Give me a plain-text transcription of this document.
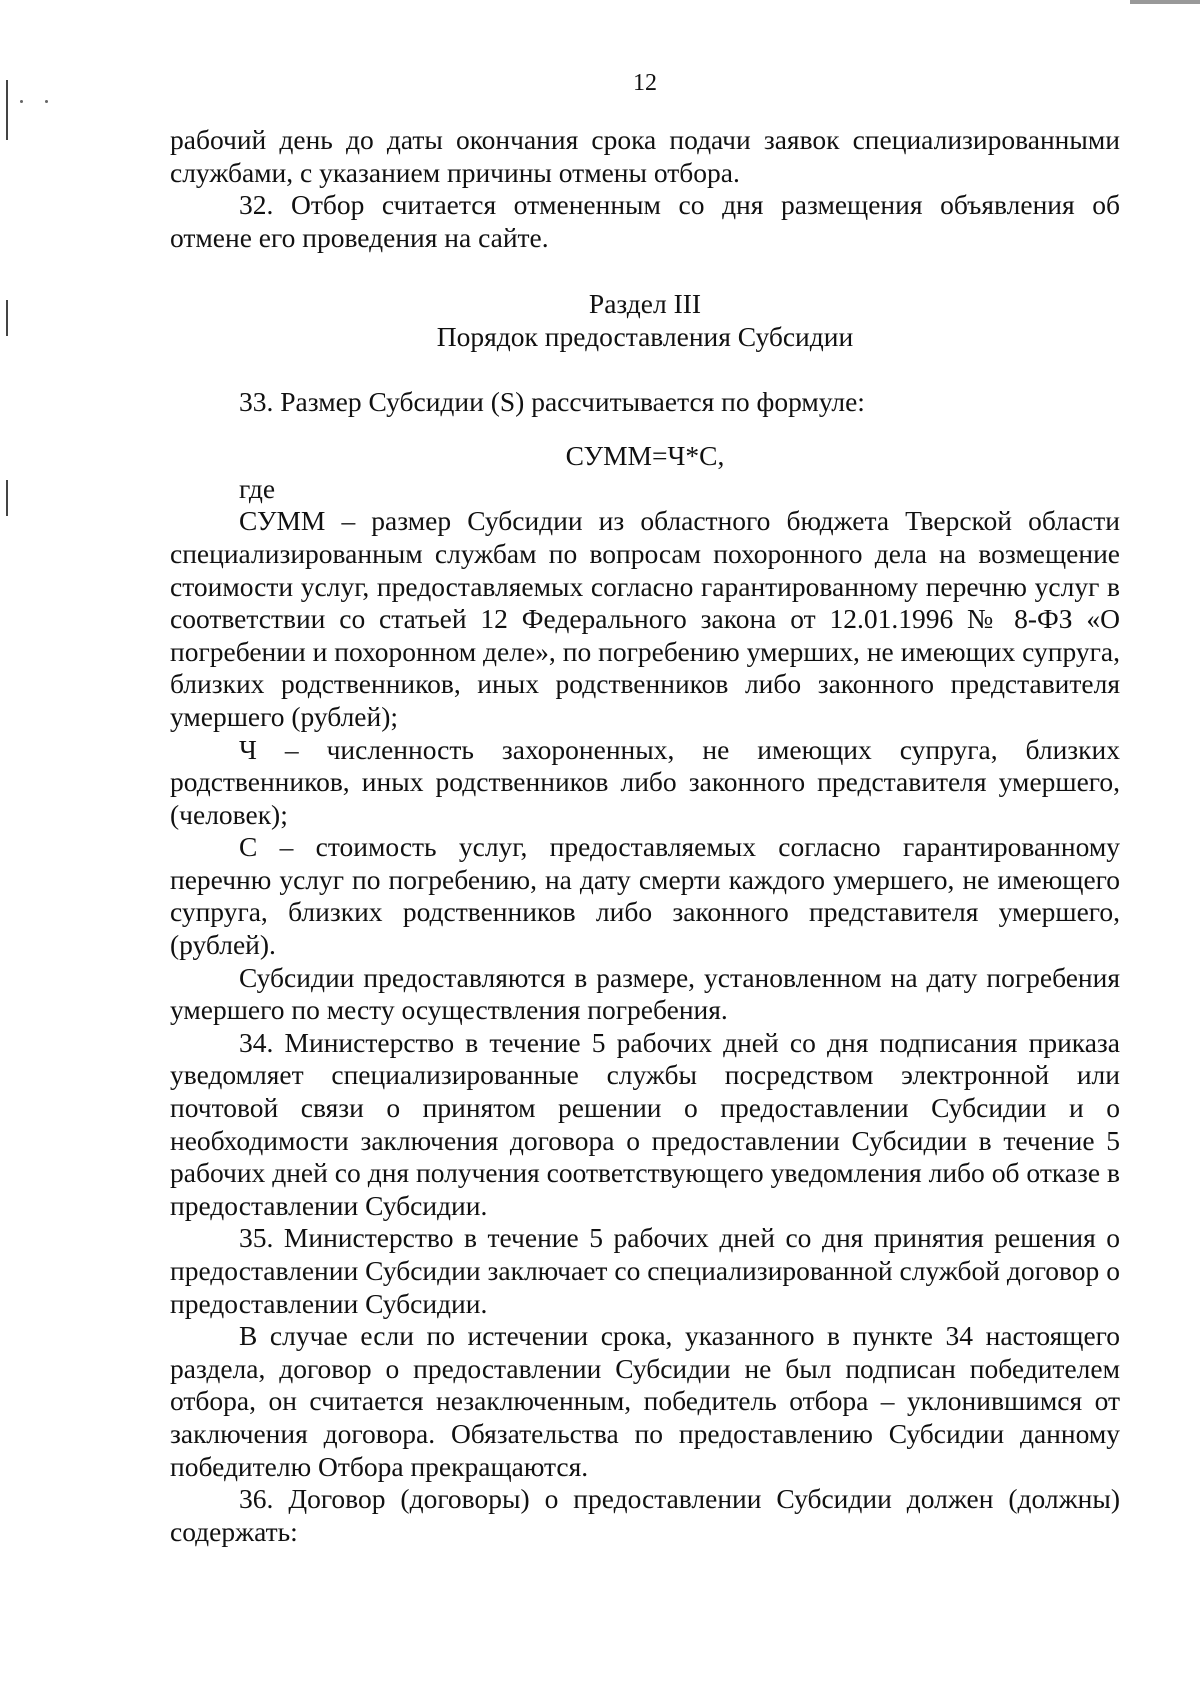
12

рабочий день до даты окончания срока подачи заявок специализированными службами, с указанием причины отмены отбора.

32. Отбор считается отмененным со дня размещения объявления об отмене его проведения на сайте.

Раздел III

Порядок предоставления Субсидии

33. Размер Субсидии (S) рассчитывается по формуле:

СУММ=Ч*С,

где

СУММ – размер Субсидии из областного бюджета Тверской области специализированным службам по вопросам похоронного дела на возмещение стоимости услуг, предоставляемых согласно гарантированному перечню услуг в соответствии со статьей 12 Федерального закона от 12.01.1996 № 8-ФЗ «О погребении и похоронном деле», по погребению умерших, не имеющих супруга, близких родственников, иных родственников либо законного представителя умершего (рублей);

Ч – численность захороненных, не имеющих супруга, близких родственников, иных родственников либо законного представителя умершего, (человек);

С – стоимость услуг, предоставляемых согласно гарантированному перечню услуг по погребению, на дату смерти каждого умершего, не имеющего супруга, близких родственников либо законного представителя умершего, (рублей).

Субсидии предоставляются в размере, установленном на дату погребения умершего по месту осуществления погребения.

34. Министерство в течение 5 рабочих дней со дня подписания приказа уведомляет специализированные службы посредством электронной или почтовой связи о принятом решении о предоставлении Субсидии и о необходимости заключения договора о предоставлении Субсидии в течение 5 рабочих дней со дня получения соответствующего уведомления либо об отказе в предоставлении Субсидии.

35. Министерство в течение 5 рабочих дней со дня принятия решения о предоставлении Субсидии заключает со специализированной службой договор о предоставлении Субсидии.

В случае если по истечении срока, указанного в пункте 34 настоящего раздела, договор о предоставлении Субсидии не был подписан победителем отбора, он считается незаключенным, победитель отбора – уклонившимся от заключения договора. Обязательства по предоставлению Субсидии данному победителю Отбора прекращаются.

36. Договор (договоры) о предоставлении Субсидии должен (должны) содержать:
